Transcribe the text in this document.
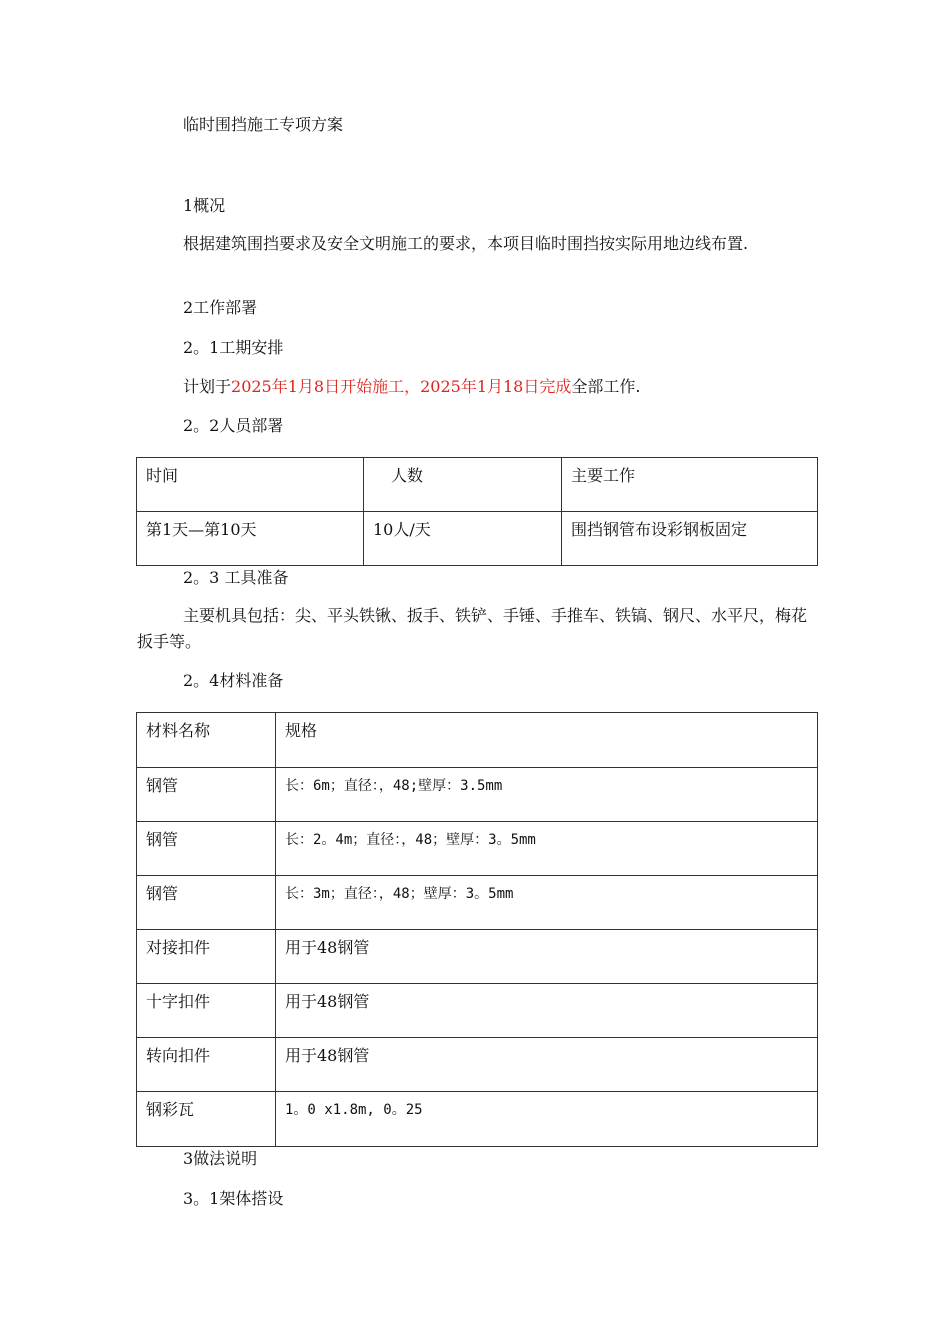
临时围挡施工专项方案

1概况

根据建筑围挡要求及安全文明施工的要求，本项目临时围挡按实际用地边线布置.

2工作部署

2。1工期安排

计划于2025年1月8日开始施工，2025年1月18日完成全部工作.

2。2人员部署

时间	人数	主要工作
第1天—第10天	10人/天	围挡钢管布设彩钢板固定

2。3 工具准备

主要机具包括：尖、平头铁锹、扳手、铁铲、手锤、手推车、铁镐、钢尺、水平尺，梅花扳手等。

2。4材料准备

材料名称	规格
钢管	长：6m；直径：，48;壁厚：3.5mm
钢管	长：2。4m；直径：，48；壁厚：3。5mm
钢管	长：3m；直径：，48；壁厚：3。5mm
对接扣件	用于48钢管
十字扣件	用于48钢管
转向扣件	用于48钢管
钢彩瓦	1。0 x1.8m, 0。25

3做法说明

3。1架体搭设
